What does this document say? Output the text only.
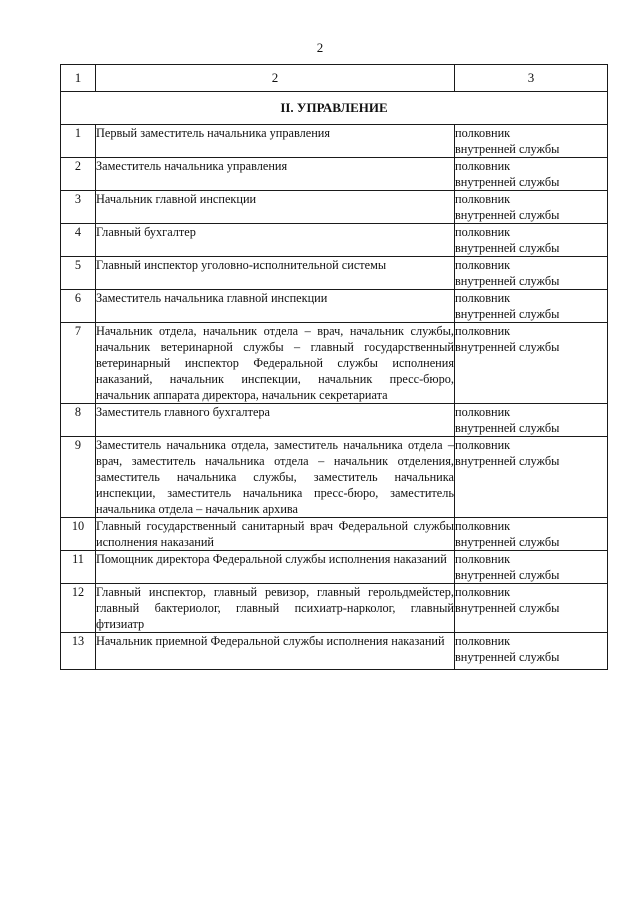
2
1	2	3
II. УПРАВЛЕНИЕ		
1	Первый заместитель начальника управления	полковник
внутренней службы

2	Заместитель начальника управления	полковник
внутренней службы

3	Начальник главной инспекции	полковник
внутренней службы

4	Главный бухгалтер	полковник
внутренней службы

5	Главный инспектор уголовно-исполнительной системы	полковник
внутренней службы

6	Заместитель начальника главной инспекции	полковник
внутренней службы

7	Начальник отдела, начальник отдела – врач, начальник службы, начальник ветеринарной службы – главный государственный ветеринарный инспектор Федеральной службы исполнения наказаний, начальник инспекции, начальник пресс-бюро, начальник аппарата директора, начальник секретариата	полковник
внутренней службы

8	Заместитель главного бухгалтера	полковник
внутренней службы

9	Заместитель начальника отдела, заместитель начальника отдела – врач, заместитель начальника отдела – начальник отделения, заместитель начальника службы, заместитель начальника инспекции, заместитель начальника пресс-бюро, заместитель начальника отдела – начальник архива	полковник
внутренней службы

10	Главный государственный санитарный врач Федеральной службы исполнения наказаний	полковник
внутренней службы

11	Помощник директора Федеральной службы исполнения наказаний	полковник
внутренней службы

12	Главный инспектор, главный ревизор, главный герольдмейстер, главный бактериолог, главный психиатр-нарколог, главный фтизиатр	полковник
внутренней службы

13	Начальник приемной Федеральной службы исполнения наказаний	полковник
внутренней службы
